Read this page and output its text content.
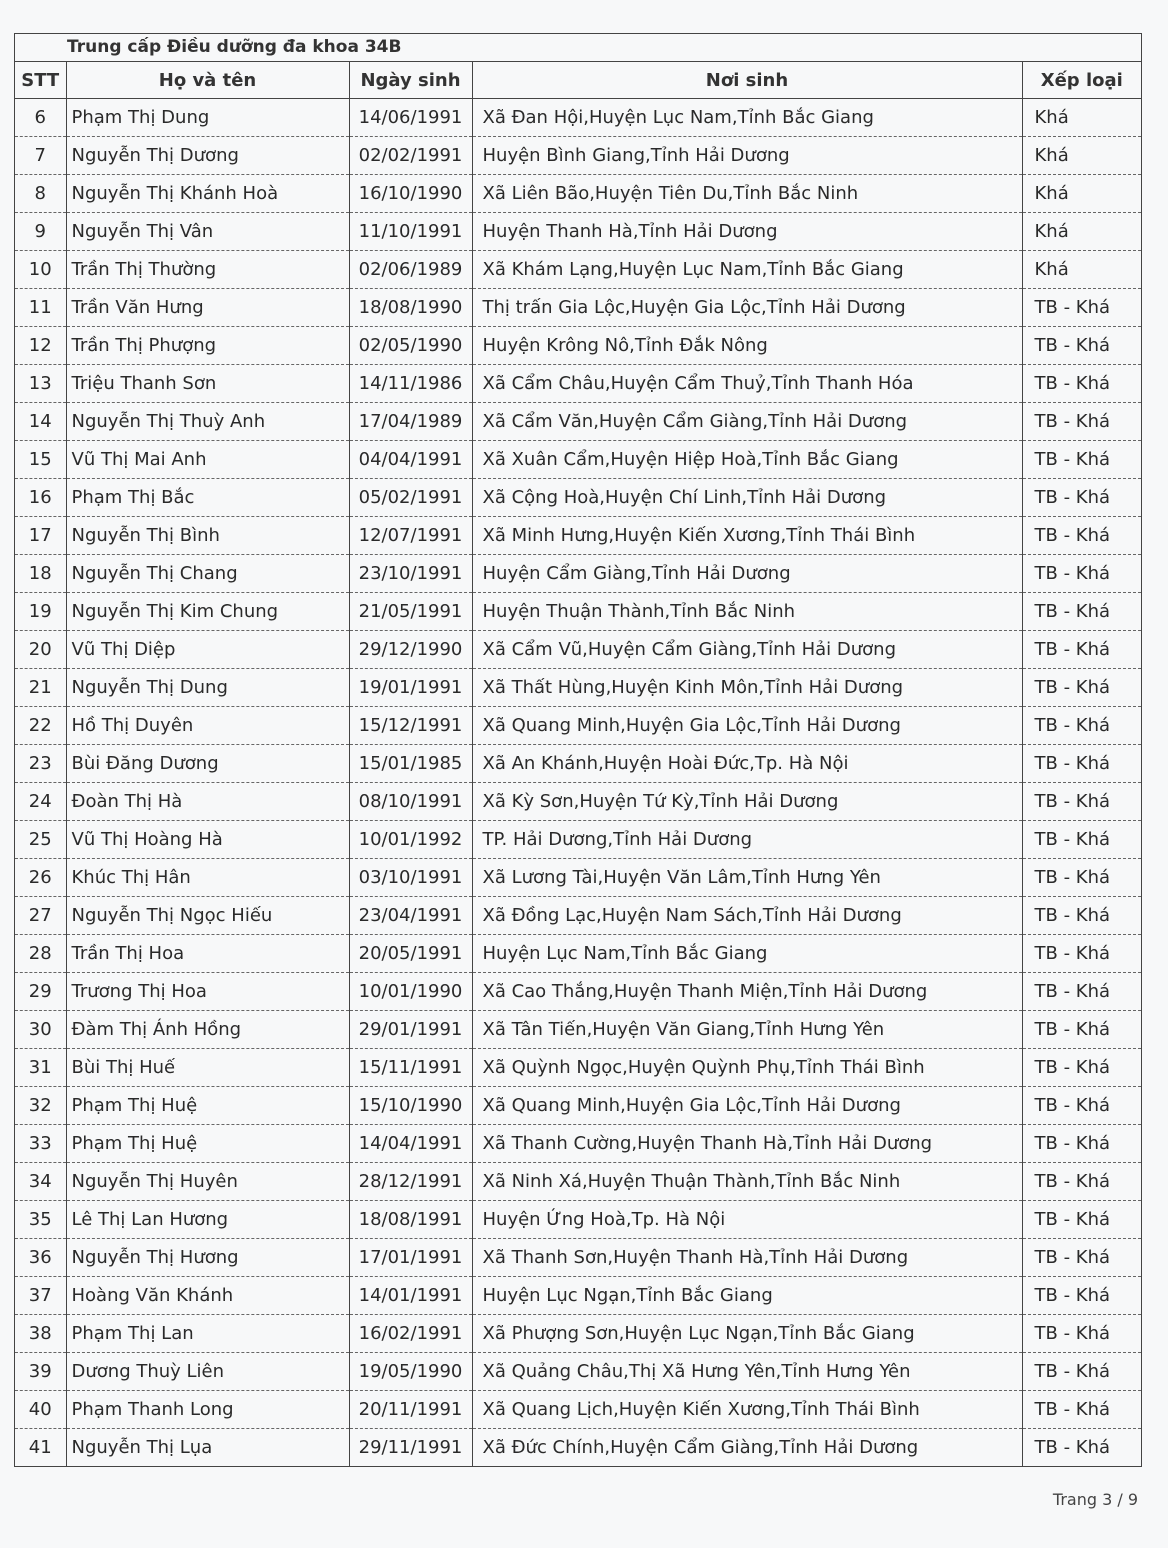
Trung cấp Điều dưỡng đa khoa 34B
STT	Họ và tên	Ngày sinh	Nơi sinh	Xếp loại
6	Phạm Thị Dung	14/06/1991	Xã Đan Hội,Huyện Lục Nam,Tỉnh Bắc Giang	Khá
7	Nguyễn Thị Dương	02/02/1991	Huyện Bình Giang,Tỉnh Hải Dương	Khá
8	Nguyễn Thị Khánh Hoà	16/10/1990	Xã Liên Bão,Huyện Tiên Du,Tỉnh Bắc Ninh	Khá
9	Nguyễn Thị Vân	11/10/1991	Huyện Thanh Hà,Tỉnh Hải Dương	Khá
10	Trần Thị Thường	02/06/1989	Xã Khám Lạng,Huyện Lục Nam,Tỉnh Bắc Giang	Khá
11	Trần Văn Hưng	18/08/1990	Thị trấn Gia Lộc,Huyện Gia Lộc,Tỉnh Hải Dương	TB - Khá
12	Trần Thị Phượng	02/05/1990	Huyện Krông Nô,Tỉnh Đắk Nông	TB - Khá
13	Triệu Thanh Sơn	14/11/1986	Xã Cẩm Châu,Huyện Cẩm Thuỷ,Tỉnh Thanh Hóa	TB - Khá
14	Nguyễn Thị Thuỳ Anh	17/04/1989	Xã Cẩm Văn,Huyện Cẩm Giàng,Tỉnh Hải Dương	TB - Khá
15	Vũ Thị Mai Anh	04/04/1991	Xã Xuân Cẩm,Huyện Hiệp Hoà,Tỉnh Bắc Giang	TB - Khá
16	Phạm Thị Bắc	05/02/1991	Xã Cộng Hoà,Huyện Chí Linh,Tỉnh Hải Dương	TB - Khá
17	Nguyễn Thị Bình	12/07/1991	Xã Minh Hưng,Huyện Kiến Xương,Tỉnh Thái Bình	TB - Khá
18	Nguyễn Thị Chang	23/10/1991	Huyện Cẩm Giàng,Tỉnh Hải Dương	TB - Khá
19	Nguyễn Thị Kim Chung	21/05/1991	Huyện Thuận Thành,Tỉnh Bắc Ninh	TB - Khá
20	Vũ Thị Diệp	29/12/1990	Xã Cẩm Vũ,Huyện Cẩm Giàng,Tỉnh Hải Dương	TB - Khá
21	Nguyễn Thị Dung	19/01/1991	Xã Thất Hùng,Huyện Kinh Môn,Tỉnh Hải Dương	TB - Khá
22	Hồ Thị Duyên	15/12/1991	Xã Quang Minh,Huyện Gia Lộc,Tỉnh Hải Dương	TB - Khá
23	Bùi Đăng Dương	15/01/1985	Xã An Khánh,Huyện Hoài Đức,Tp. Hà Nội	TB - Khá
24	Đoàn Thị Hà	08/10/1991	Xã Kỳ Sơn,Huyện Tứ Kỳ,Tỉnh Hải Dương	TB - Khá
25	Vũ Thị Hoàng Hà	10/01/1992	TP. Hải Dương,Tỉnh Hải Dương	TB - Khá
26	Khúc Thị Hân	03/10/1991	Xã Lương Tài,Huyện Văn Lâm,Tỉnh Hưng Yên	TB - Khá
27	Nguyễn Thị Ngọc Hiếu	23/04/1991	Xã Đồng Lạc,Huyện Nam Sách,Tỉnh Hải Dương	TB - Khá
28	Trần Thị Hoa	20/05/1991	Huyện Lục Nam,Tỉnh Bắc Giang	TB - Khá
29	Trương Thị Hoa	10/01/1990	Xã Cao Thắng,Huyện Thanh Miện,Tỉnh Hải Dương	TB - Khá
30	Đàm Thị Ánh Hồng	29/01/1991	Xã Tân Tiến,Huyện Văn Giang,Tỉnh Hưng Yên	TB - Khá
31	Bùi Thị Huế	15/11/1991	Xã Quỳnh Ngọc,Huyện Quỳnh Phụ,Tỉnh Thái Bình	TB - Khá
32	Phạm Thị Huệ	15/10/1990	Xã Quang Minh,Huyện Gia Lộc,Tỉnh Hải Dương	TB - Khá
33	Phạm Thị Huệ	14/04/1991	Xã Thanh Cường,Huyện Thanh Hà,Tỉnh Hải Dương	TB - Khá
34	Nguyễn Thị Huyên	28/12/1991	Xã Ninh Xá,Huyện Thuận Thành,Tỉnh Bắc Ninh	TB - Khá
35	Lê Thị Lan Hương	18/08/1991	Huyện Ứng Hoà,Tp. Hà Nội	TB - Khá
36	Nguyễn Thị Hương	17/01/1991	Xã Thanh Sơn,Huyện Thanh Hà,Tỉnh Hải Dương	TB - Khá
37	Hoàng Văn Khánh	14/01/1991	Huyện Lục Ngạn,Tỉnh Bắc Giang	TB - Khá
38	Phạm Thị Lan	16/02/1991	Xã Phượng Sơn,Huyện Lục Ngạn,Tỉnh Bắc Giang	TB - Khá
39	Dương Thuỳ Liên	19/05/1990	Xã Quảng Châu,Thị Xã Hưng Yên,Tỉnh Hưng Yên	TB - Khá
40	Phạm Thanh Long	20/11/1991	Xã Quang Lịch,Huyện Kiến Xương,Tỉnh Thái Bình	TB - Khá
41	Nguyễn Thị Lụa	29/11/1991	Xã Đức Chính,Huyện Cẩm Giàng,Tỉnh Hải Dương	TB - Khá
Trang 3 / 9
